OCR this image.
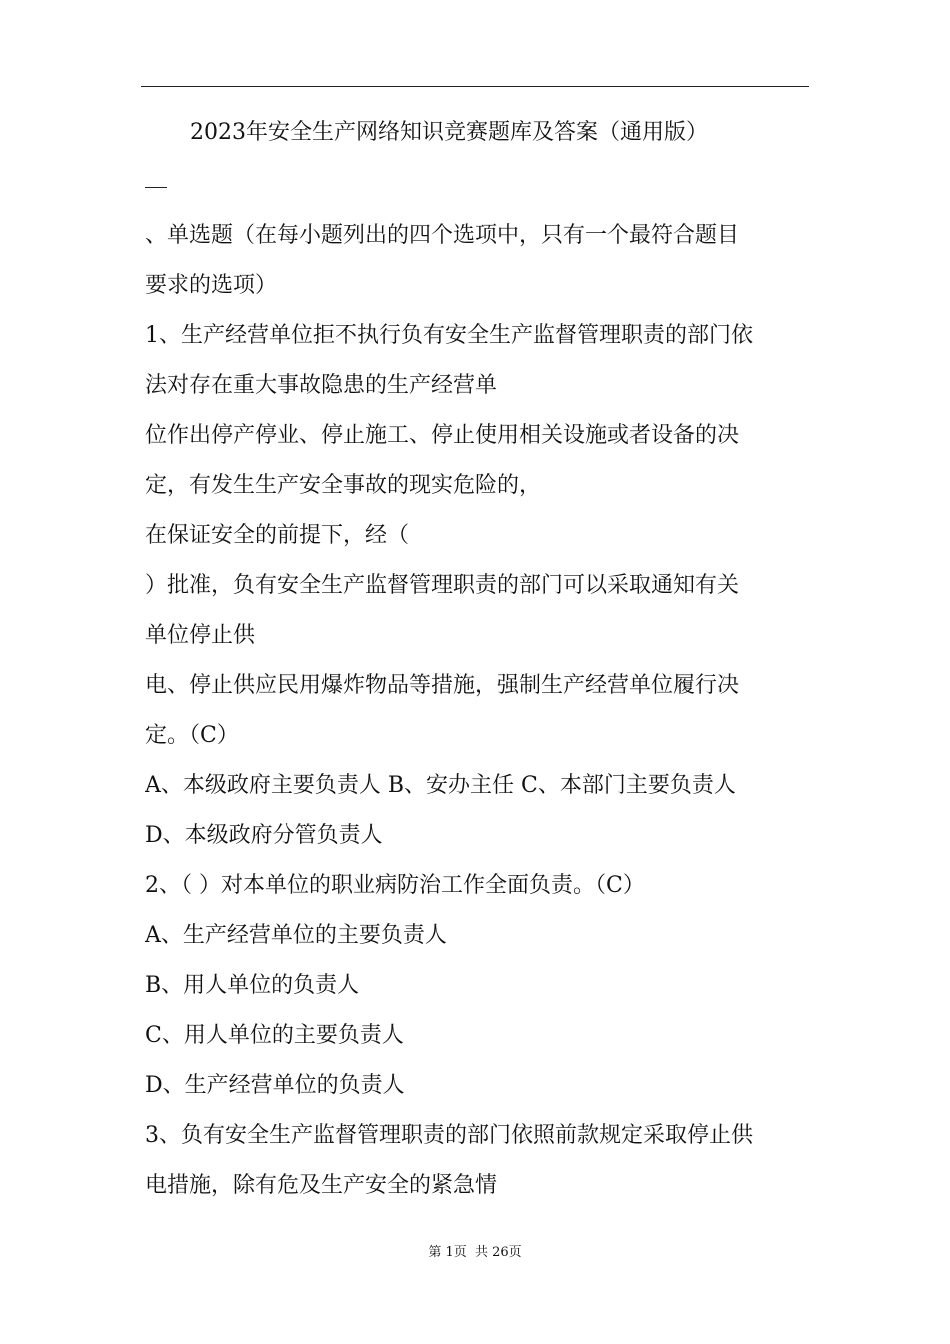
2023年安全生产网络知识竞赛题库及答案（通用版）
、单选题（在每小题列出的四个选项中，只有一个最符合题目
要求的选项）
1、生产经营单位拒不执行负有安全生产监督管理职责的部门依
法对存在重大事故隐患的生产经营单
位作出停产停业、停止施工、停止使用相关设施或者设备的决
定，有发生生产安全事故的现实危险的，
在保证安全的前提下，经（
）批准，负有安全生产监督管理职责的部门可以采取通知有关
单位停止供
电、停止供应民用爆炸物品等措施，强制生产经营单位履行决
定。（C）
A、本级政府主要负责人 B、安办主任 C、本部门主要负责人
D、本级政府分管负责人
2、（ ）对本单位的职业病防治工作全面负责。（C）
A、生产经营单位的主要负责人
B、用人单位的负责人
C、用人单位的主要负责人
D、生产经营单位的负责人
3、负有安全生产监督管理职责的部门依照前款规定采取停止供
电措施，除有危及生产安全的紧急情
第 1页  共 26页
